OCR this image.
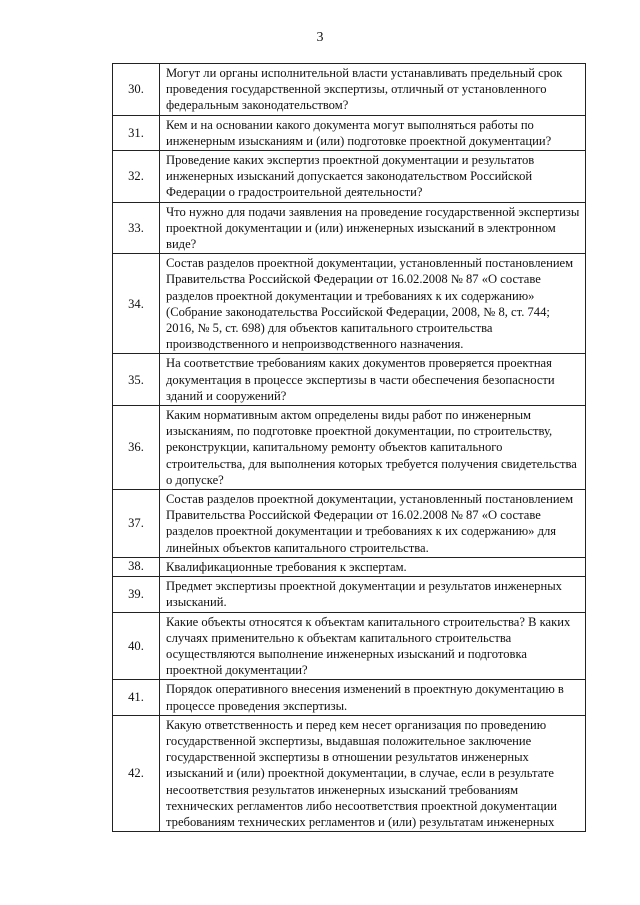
3
30.	Могут ли органы исполнительной власти устанавливать предельный срок проведения государственной экспертизы, отличный от установленного федеральным законодательством?
31.	Кем и на основании какого документа могут выполняться работы по инженерным изысканиям и (или) подготовке проектной документации?
32.	Проведение каких экспертиз проектной документации и результатов инженерных изысканий допускается законодательством Российской Федерации о градостроительной деятельности?
33.	Что нужно для подачи заявления на проведение государственной экспертизы проектной документации и (или) инженерных изысканий в электронном виде?
34.	Состав разделов проектной документации, установленный постановлением Правительства Российской Федерации от 16.02.2008 № 87 «О составе разделов проектной документации и требованиях к их содержанию» (Собрание законодательства Российской Федерации, 2008, № 8, ст. 744; 2016, № 5, ст. 698) для объектов капитального строительства производственного и непроизводственного назначения.
35.	На соответствие требованиям каких документов проверяется проектная документация в процессе экспертизы в части обеспечения безопасности зданий и сооружений?
36.	Каким нормативным актом определены виды работ по инженерным изысканиям, по подготовке проектной документации, по строительству, реконструкции, капитальному ремонту объектов капитального строительства, для выполнения которых требуется получения свидетельства о допуске?
37.	Состав разделов проектной документации, установленный постановлением Правительства Российской Федерации от 16.02.2008 № 87 «О составе разделов проектной документации и требованиях к их содержанию» для линейных объектов капитального строительства.
38.	Квалификационные требования к экспертам.
39.	Предмет экспертизы проектной документации и результатов инженерных изысканий.
40.	Какие объекты относятся к объектам капитального строительства? В каких случаях применительно к объектам капитального строительства осуществляются выполнение инженерных изысканий и подготовка проектной документации?
41.	Порядок оперативного внесения изменений в проектную документацию в процессе проведения экспертизы.
42.	Какую ответственность и перед кем несет организация по проведению государственной экспертизы, выдавшая положительное заключение государственной экспертизы в отношении результатов инженерных изысканий и (или) проектной документации, в случае, если в результате несоответствия результатов инженерных изысканий требованиям технических регламентов либо несоответствия проектной документации требованиям технических регламентов и (или) результатам инженерных
